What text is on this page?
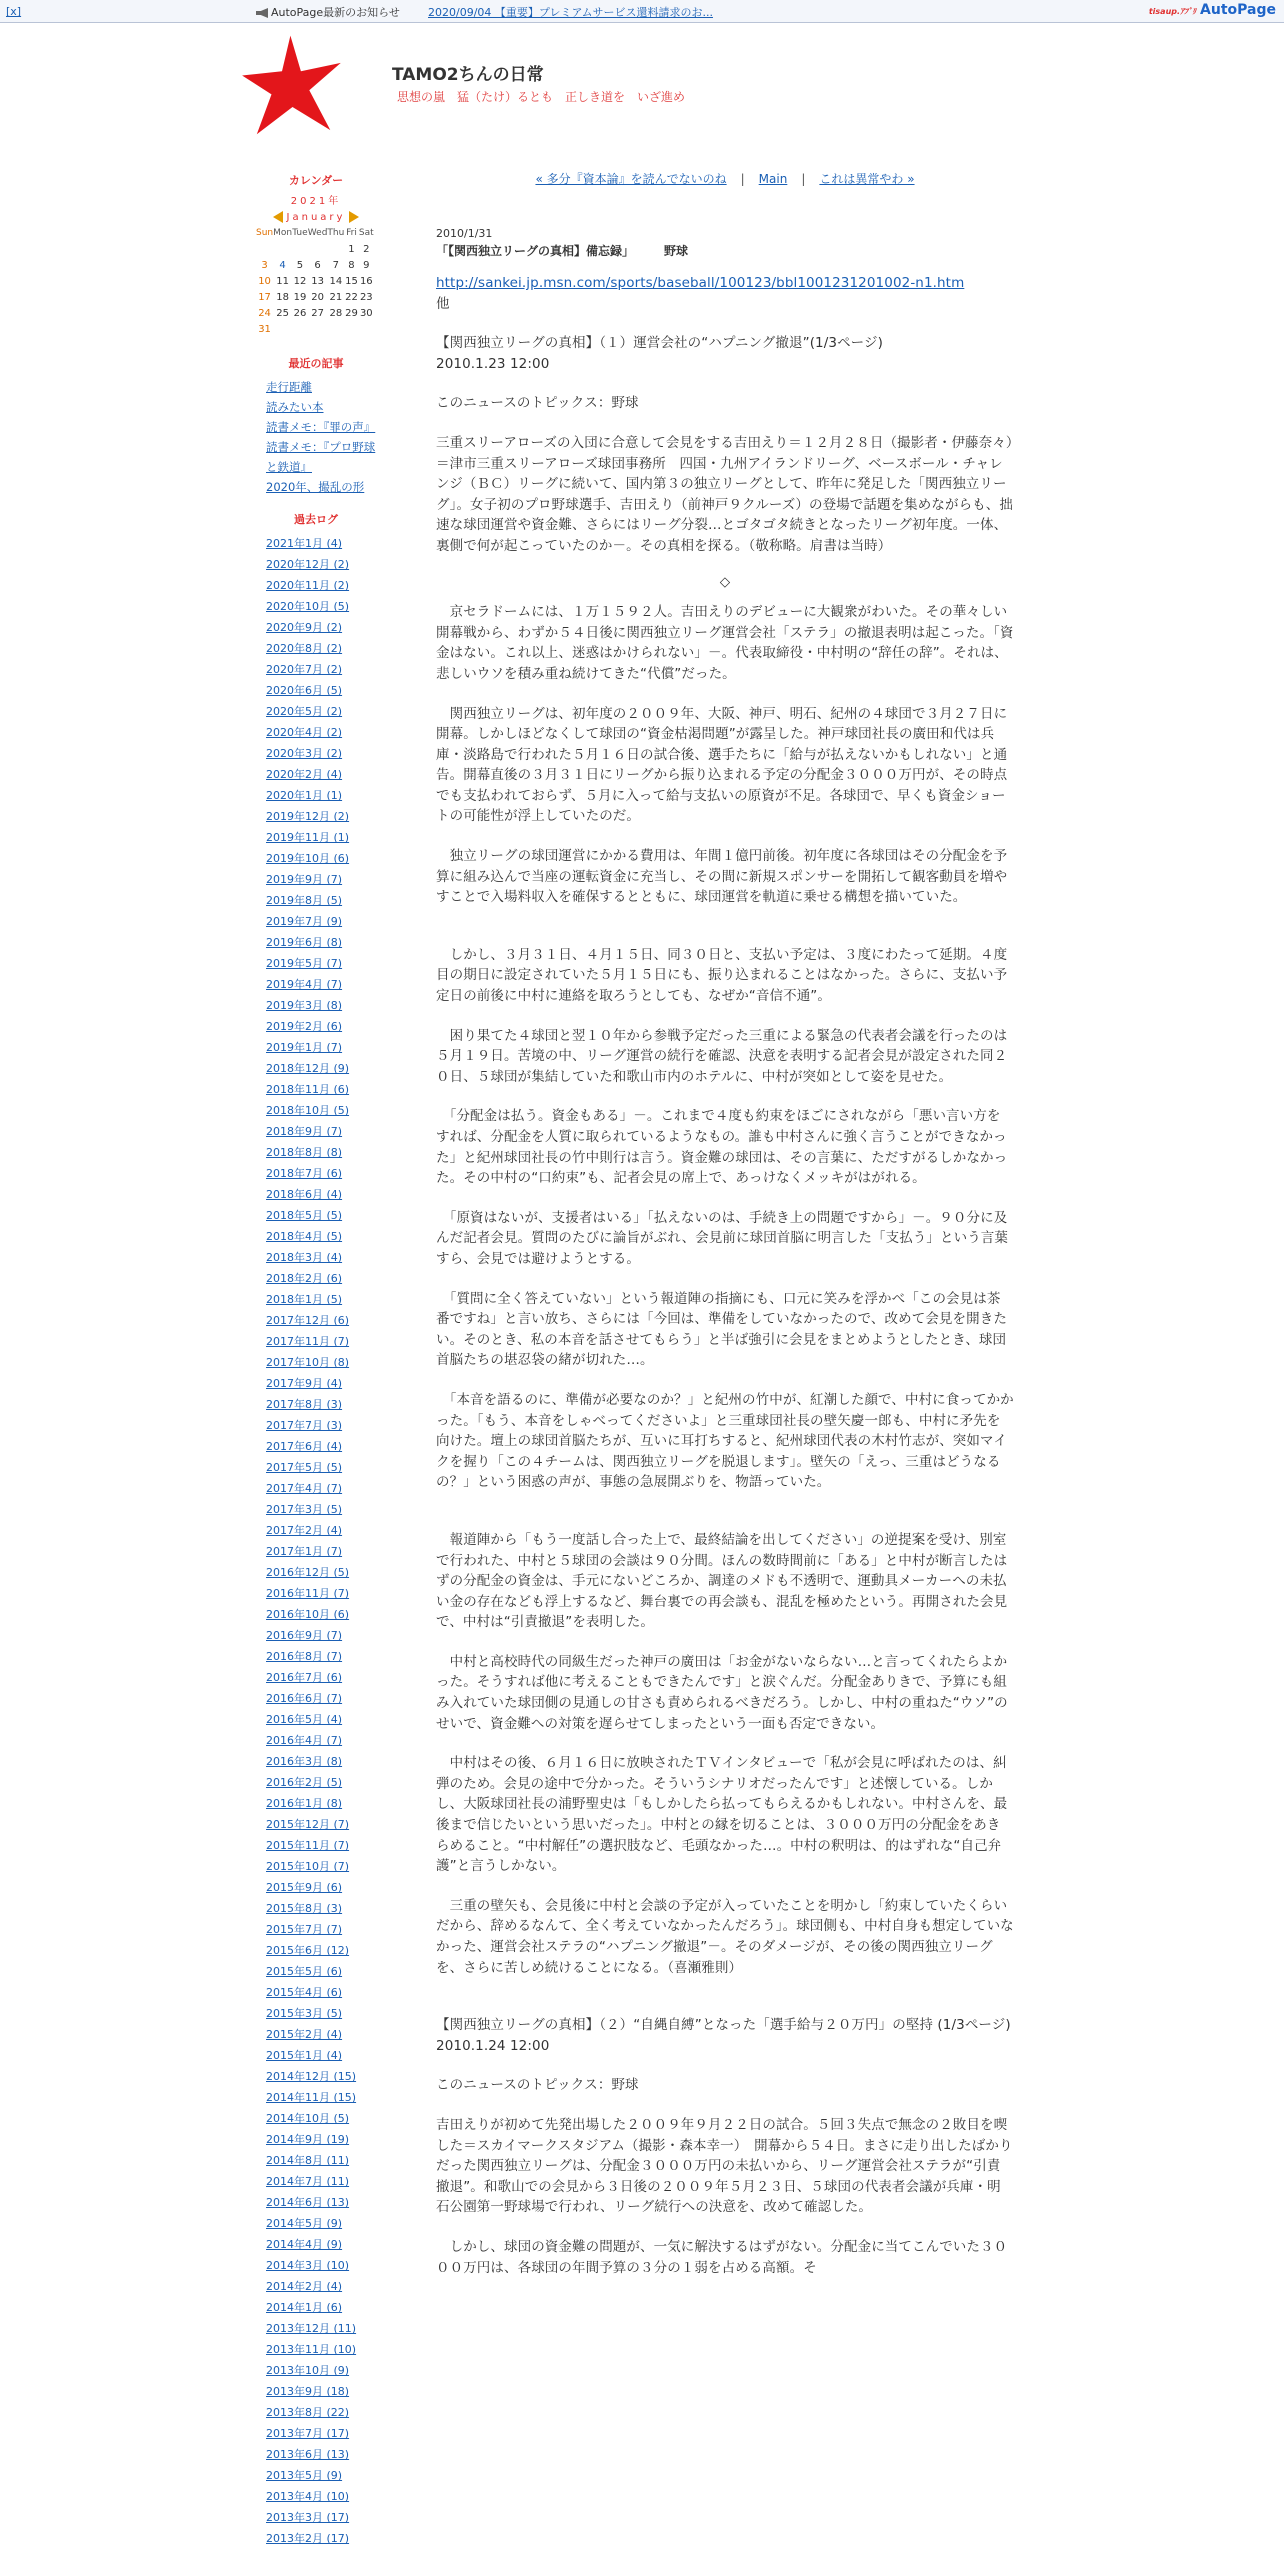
[x]	AutoPage最新のお知らせ	2020/09/04 【重要】プレミアムサービス還料請求のお...	tisaup.ｱﾌﾟﾘ AutoPage
TAMO2ちんの日常
思想の嵐　猛（たけ）るとも　正しき道を　いざ進め
カレンダー
2021年
January
Sun	Mon	Tue	Wed	Thu	Fri	Sat
					1	2
3	4	5	6	7	8	9
10	11	12	13	14	15	16
17	18	19	20	21	22	23
24	25	26	27	28	29	30
31						
最近の記事
走行距離
読みたい本
読書メモ：『罪の声』
読書メモ：『プロ野球と鉄道』
2020年、撮乱の形
過去ログ
2021年1月 (4)
2020年12月 (2)
2020年11月 (2)
2020年10月 (5)
2020年9月 (2)
2020年8月 (2)
2020年7月 (2)
2020年6月 (5)
2020年5月 (2)
2020年4月 (2)
2020年3月 (2)
2020年2月 (4)
2020年1月 (1)
2019年12月 (2)
2019年11月 (1)
2019年10月 (6)
2019年9月 (7)
2019年8月 (5)
2019年7月 (9)
2019年6月 (8)
2019年5月 (7)
2019年4月 (7)
2019年3月 (8)
2019年2月 (6)
2019年1月 (7)
2018年12月 (9)
2018年11月 (6)
2018年10月 (5)
2018年9月 (7)
2018年8月 (8)
2018年7月 (6)
2018年6月 (4)
2018年5月 (5)
2018年4月 (5)
2018年3月 (4)
2018年2月 (6)
2018年1月 (5)
2017年12月 (6)
2017年11月 (7)
2017年10月 (8)
2017年9月 (4)
2017年8月 (3)
2017年7月 (3)
2017年6月 (4)
2017年5月 (5)
2017年4月 (7)
2017年3月 (5)
2017年2月 (4)
2017年1月 (7)
2016年12月 (5)
2016年11月 (7)
2016年10月 (6)
2016年9月 (7)
2016年8月 (7)
2016年7月 (6)
2016年6月 (7)
2016年5月 (4)
2016年4月 (7)
2016年3月 (8)
2016年2月 (5)
2016年1月 (8)
2015年12月 (7)
2015年11月 (7)
2015年10月 (7)
2015年9月 (6)
2015年8月 (3)
2015年7月 (7)
2015年6月 (12)
2015年5月 (6)
2015年4月 (6)
2015年3月 (5)
2015年2月 (4)
2015年1月 (4)
2014年12月 (15)
2014年11月 (15)
2014年10月 (5)
2014年9月 (19)
2014年8月 (11)
2014年7月 (11)
2014年6月 (13)
2014年5月 (9)
2014年4月 (9)
2014年3月 (10)
2014年2月 (4)
2014年1月 (6)
2013年12月 (11)
2013年11月 (10)
2013年10月 (9)
2013年9月 (18)
2013年8月 (22)
2013年7月 (17)
2013年6月 (13)
2013年5月 (9)
2013年4月 (10)
2013年3月 (17)
2013年2月 (17)
« 多分『資本論』を読んでないのね | Main | これは異常やわ »
2010/1/31
「【関西独立リーグの真相】備忘録」	野球

http://sankei.jp.msn.com/sports/baseball/100123/bbl1001231201002-n1.htm
他

【関西独立リーグの真相】（１）運営会社の“ハプニング撤退”(1/3ページ)
2010.1.23 12:00

このニュースのトピックス：野球

三重スリーアローズの入団に合意して会見をする吉田えり＝１２月２８日（撮影者・伊藤奈々）＝津市三重スリーアローズ球団事務所　四国・九州アイランドリーグ、ベースボール・チャレンジ（ＢＣ）リーグに続いて、国内第３の独立リーグとして、昨年に発足した「関西独立リーグ」。女子初のプロ野球選手、吉田えり（前神戸９クルーズ）の登場で話題を集めながらも、拙速な球団運営や資金難、さらにはリーグ分裂…とゴタゴタ続きとなったリーグ初年度。一体、裏側で何が起こっていたのか－。その真相を探る。（敬称略。肩書は当時）

◇

　京セラドームには、１万１５９２人。吉田えりのデビューに大観衆がわいた。その華々しい開幕戦から、わずか５４日後に関西独立リーグ運営会社「ステラ」の撤退表明は起こった。「資金はない。これ以上、迷惑はかけられない」－。代表取締役・中村明の“辞任の辞”。それは、悲しいウソを積み重ね続けてきた“代償”だった。

　関西独立リーグは、初年度の２００９年、大阪、神戸、明石、紀州の４球団で３月２７日に開幕。しかしほどなくして球団の“資金枯渇問題”が露呈した。神戸球団社長の廣田和代は兵庫・淡路島で行われた５月１６日の試合後、選手たちに「給与が払えないかもしれない」と通告。開幕直後の３月３１日にリーグから振り込まれる予定の分配金３０００万円が、その時点でも支払われておらず、５月に入って給与支払いの原資が不足。各球団で、早くも資金ショートの可能性が浮上していたのだ。

　独立リーグの球団運営にかかる費用は、年間１億円前後。初年度に各球団はその分配金を予算に組み込んで当座の運転資金に充当し、その間に新規スポンサーを開拓して観客動員を増やすことで入場料収入を確保するとともに、球団運営を軌道に乗せる構想を描いていた。

　しかし、３月３１日、４月１５日、同３０日と、支払い予定は、３度にわたって延期。４度目の期日に設定されていた５月１５日にも、振り込まれることはなかった。さらに、支払い予定日の前後に中村に連絡を取ろうとしても、なぜか“音信不通”。

　困り果てた４球団と翌１０年から参戦予定だった三重による緊急の代表者会議を行ったのは５月１９日。苦境の中、リーグ運営の続行を確認、決意を表明する記者会見が設定された同２０日、５球団が集結していた和歌山市内のホテルに、中村が突如として姿を見せた。

　「分配金は払う。資金もある」－。これまで４度も約束をほごにされながら「悪い言い方をすれば、分配金を人質に取られているようなもの。誰も中村さんに強く言うことができなかった」と紀州球団社長の竹中則行は言う。資金難の球団は、その言葉に、ただすがるしかなかった。その中村の“口約束”も、記者会見の席上で、あっけなくメッキがはがれる。

　「原資はないが、支援者はいる」「払えないのは、手続き上の問題ですから」－。９０分に及んだ記者会見。質問のたびに論旨がぶれ、会見前に球団首脳に明言した「支払う」という言葉すら、会見では避けようとする。

　「質問に全く答えていない」という報道陣の指摘にも、口元に笑みを浮かべ「この会見は茶番ですね」と言い放ち、さらには「今回は、準備をしていなかったので、改めて会見を開きたい。そのとき、私の本音を話させてもらう」と半ば強引に会見をまとめようとしたとき、球団首脳たちの堪忍袋の緒が切れた…。

　「本音を語るのに、準備が必要なのか？」と紀州の竹中が、紅潮した顔で、中村に食ってかかった。「もう、本音をしゃべってくださいよ」と三重球団社長の壁矢慶一郎も、中村に矛先を向けた。壇上の球団首脳たちが、互いに耳打ちすると、紀州球団代表の木村竹志が、突如マイクを握り「この４チームは、関西独立リーグを脱退します」。壁矢の「えっ、三重はどうなるの？」という困惑の声が、事態の急展開ぶりを、物語っていた。

　報道陣から「もう一度話し合った上で、最終結論を出してください」の逆提案を受け、別室で行われた、中村と５球団の会談は９０分間。ほんの数時間前に「ある」と中村が断言したはずの分配金の資金は、手元にないどころか、調達のメドも不透明で、運動具メーカーへの未払い金の存在なども浮上するなど、舞台裏での再会談も、混乱を極めたという。再開された会見で、中村は“引責撤退”を表明した。

　中村と高校時代の同級生だった神戸の廣田は「お金がないならない…と言ってくれたらよかった。そうすれば他に考えることもできたんです」と涙ぐんだ。分配金ありきで、予算にも組み入れていた球団側の見通しの甘さも責められるべきだろう。しかし、中村の重ねた“ウソ”のせいで、資金難への対策を遅らせてしまったという一面も否定できない。

　中村はその後、６月１６日に放映されたＴＶインタビューで「私が会見に呼ばれたのは、糾弾のため。会見の途中で分かった。そういうシナリオだったんです」と述懐している。しかし、大阪球団社長の浦野聖史は「もしかしたら払ってもらえるかもしれない。中村さんを、最後まで信じたいという思いだった」。中村との縁を切ることは、３０００万円の分配金をあきらめること。“中村解任”の選択肢など、毛頭なかった…。中村の釈明は、的はずれな“自己弁護”と言うしかない。

　三重の壁矢も、会見後に中村と会談の予定が入っていたことを明かし「約束していたくらいだから、辞めるなんて、全く考えていなかったんだろう」。球団側も、中村自身も想定していなかった、運営会社ステラの“ハプニング撤退”－。そのダメージが、その後の関西独立リーグを、さらに苦しめ続けることになる。（喜瀬雅則）

【関西独立リーグの真相】（２）“自縄自縛”となった「選手給与２０万円」の堅持 (1/3ページ)
2010.1.24 12:00

このニュースのトピックス：野球

吉田えりが初めて先発出場した２００９年９月２２日の試合。５回３失点で無念の２敗目を喫した＝スカイマークスタジアム（撮影・森本幸一）　開幕から５４日。まさに走り出したばかりだった関西独立リーグは、分配金３０００万円の未払いから、リーグ運営会社ステラが“引責撤退”。和歌山での会見から３日後の２００９年５月２３日、５球団の代表者会議が兵庫・明石公園第一野球場で行われ、リーグ続行への決意を、改めて確認した。

　しかし、球団の資金難の問題が、一気に解決するはずがない。分配金に当てこんでいた３０００万円は、各球団の年間予算の３分の１弱を占める高額。そ
